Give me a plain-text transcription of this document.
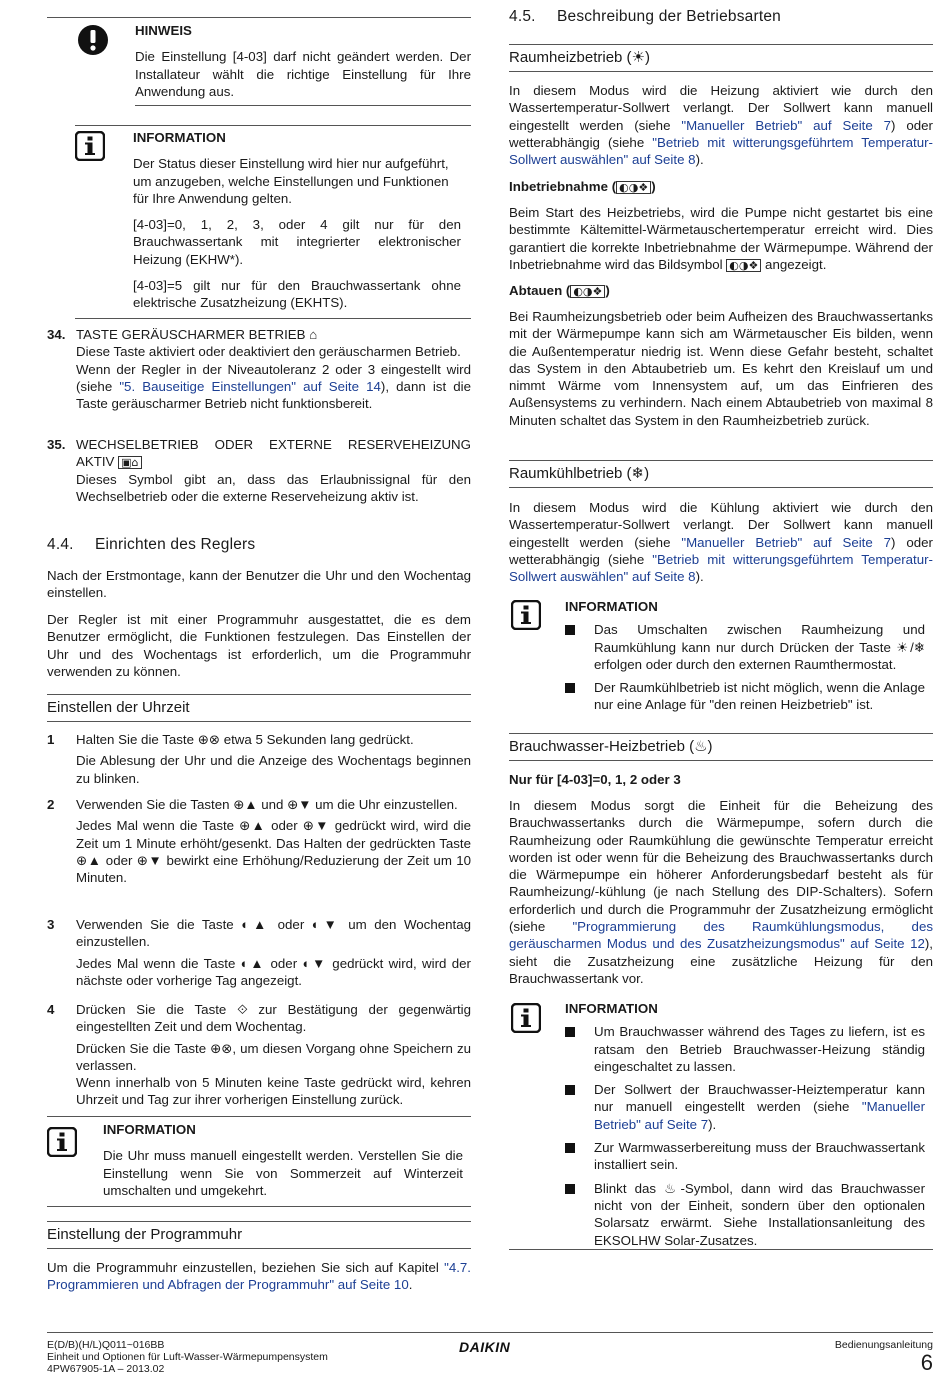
HINWEIS

Die Einstellung [4-03] darf nicht geändert werden. Der Installateur wählt die richtige Einstellung für Ihre Anwendung aus.

INFORMATION

Der Status dieser Einstellung wird hier nur aufgeführt, um anzugeben, welche Einstellungen und Funktionen für Ihre Anwendung gelten.

[4-03]=0, 1, 2, 3, oder 4 gilt nur für den Brauchwassertank mit integrierter elektronischer Heizung (EKHW*).

[4-03]=5 gilt nur für den Brauchwassertank ohne elektrische Zusatzheizung (EKHTS).

34. TASTE GERÄUSCHARMER BETRIEB ⌂

Diese Taste aktiviert oder deaktiviert den geräuscharmen Betrieb.

Wenn der Regler in der Niveautoleranz 2 oder 3 eingestellt wird (siehe "5. Bauseitige Einstellungen" auf Seite 14), dann ist die Taste geräuscharmer Betrieb nicht funktionsbereit.

35. WECHSELBETRIEB ODER EXTERNE RESERVEHEIZUNG AKTIV ▣⌂

Dieses Symbol gibt an, dass das Erlaubnissignal für den Wechselbetrieb oder die externe Reserveheizung aktiv ist.

4.4. Einrichten des Reglers

Nach der Erstmontage, kann der Benutzer die Uhr und den Wochentag einstellen.

Der Regler ist mit einer Programmuhr ausgestattet, die es dem Benutzer ermöglicht, die Funktionen festzulegen. Das Einstellen der Uhr und des Wochentags ist erforderlich, um die Programmuhr verwenden zu können.

Einstellen der Uhrzeit
1 Halten Sie die Taste ⊕⊗ etwa 5 Sekunden lang gedrückt.

Die Ablesung der Uhr und die Anzeige des Wochentags beginnen zu blinken.

2 Verwenden Sie die Tasten ⊕▲ und ⊕▼ um die Uhr einzustellen.

Jedes Mal wenn die Taste ⊕▲ oder ⊕▼ gedrückt wird, wird die Zeit um 1 Minute erhöht/gesenkt. Das Halten der gedrückten Taste ⊕▲ oder ⊕▼ bewirkt eine Erhöhung/Reduzierung der Zeit um 10 Minuten.

3 Verwenden Sie die Taste ◐▲ oder ◐▼ um den Wochentag einzustellen.

Jedes Mal wenn die Taste ◐▲ oder ◐▼ gedrückt wird, wird der nächste oder vorherige Tag angezeigt.

4 Drücken Sie die Taste ⟐ zur Bestätigung der gegenwärtig eingestellten Zeit und dem Wochentag.

Drücken Sie die Taste ⊕⊗, um diesen Vorgang ohne Speichern zu verlassen.

Wenn innerhalb von 5 Minuten keine Taste gedrückt wird, kehren Uhrzeit und Tag zur ihrer vorherigen Einstellung zurück.

INFORMATION

Die Uhr muss manuell eingestellt werden. Verstellen Sie die Einstellung wenn Sie von Sommerzeit auf Winterzeit umschalten und umgekehrt.

Einstellung der Programmuhr

Um die Programmuhr einzustellen, beziehen Sie sich auf Kapitel "4.7. Programmieren und Abfragen der Programmuhr" auf Seite 10.

4.5. Beschreibung der Betriebsarten
Raumheizbetrieb (☀)

In diesem Modus wird die Heizung aktiviert wie durch den Wassertemperatur-Sollwert verlangt. Der Sollwert kann manuell eingestellt werden (siehe "Manueller Betrieb" auf Seite 7) oder wetterabhängig (siehe "Betrieb mit witterungsgeführtem Temperatur-Sollwert auswählen" auf Seite 8).

Inbetriebnahme ( ◐◑❖ )

Beim Start des Heizbetriebs, wird die Pumpe nicht gestartet bis eine bestimmte Kältemittel-Wärmetauschertemperatur erreicht wird. Dies garantiert die korrekte Inbetriebnahme der Wärmepumpe. Während der Inbetriebnahme wird das Bildsymbol ◐◑❖ angezeigt.

Abtauen ( ◐◑❖ )

Bei Raumheizungsbetrieb oder beim Aufheizen des Brauchwassertanks mit der Wärmepumpe kann sich am Wärmetauscher Eis bilden, wenn die Außentemperatur niedrig ist. Wenn diese Gefahr besteht, schaltet das System in den Abtaubetrieb um. Es kehrt den Kreislauf um und nimmt Wärme vom Innensystem auf, um das Einfrieren des Außensystems zu verhindern. Nach einem Abtaubetrieb von maximal 8 Minuten schaltet das System in den Raumheizbetrieb zurück.

Raumkühlbetrieb (❄)

In diesem Modus wird die Kühlung aktiviert wie durch den Wassertemperatur-Sollwert verlangt. Der Sollwert kann manuell eingestellt werden (siehe "Manueller Betrieb" auf Seite 7) oder wetterabhängig (siehe "Betrieb mit witterungsgeführtem Temperatur-Sollwert auswählen" auf Seite 8).

INFORMATION

Das Umschalten zwischen Raumheizung und Raumkühlung kann nur durch Drücken der Taste ☀/❄ erfolgen oder durch den externen Raumthermostat.

Der Raumkühlbetrieb ist nicht möglich, wenn die Anlage nur eine Anlage für "den reinen Heizbetrieb" ist.

Brauchwasser-Heizbetrieb (♨)
Nur für [4-03]=0, 1, 2 oder 3

In diesem Modus sorgt die Einheit für die Beheizung des Brauchwassertanks durch die Wärmepumpe, sofern durch die Raumheizung oder Raumkühlung die gewünschte Temperatur erreicht worden ist oder wenn für die Beheizung des Brauchwassertanks durch die Wärmepumpe ein höherer Anforderungsbedarf besteht als für Raumheizung/-kühlung (je nach Stellung des DIP-Schalters). Sofern erforderlich und durch die Programmuhr der Zusatzheizung ermöglicht (siehe "Programmierung des Raumkühlungsmodus, des geräuscharmen Modus und des Zusatzheizungsmodus" auf Seite 12), sieht die Zusatzheizung eine zusätzliche Heizung für den Brauchwassertank vor.

INFORMATION

Um Brauchwasser während des Tages zu liefern, ist es ratsam den Betrieb Brauchwasser-Heizung ständig eingeschaltet zu lassen.

Der Sollwert der Brauchwasser-Heiztemperatur kann nur manuell eingestellt werden (siehe "Manueller Betrieb" auf Seite 7).

Zur Warmwasserbereitung muss der Brauchwassertank installiert sein.

Blinkt das ♨-Symbol, dann wird das Brauchwasser nicht von der Einheit, sondern über den optionalen Solarsatz erwärmt. Siehe Installationsanleitung des EKSOLHW Solar-Zusatzes.

E(D/B)(H/L)Q011~016BB
Einheit und Optionen für Luft-Wasser-Wärmepumpensystem
4PW67905-1A – 2013.02
DAIKIN	Bedienungsanleitung
6
